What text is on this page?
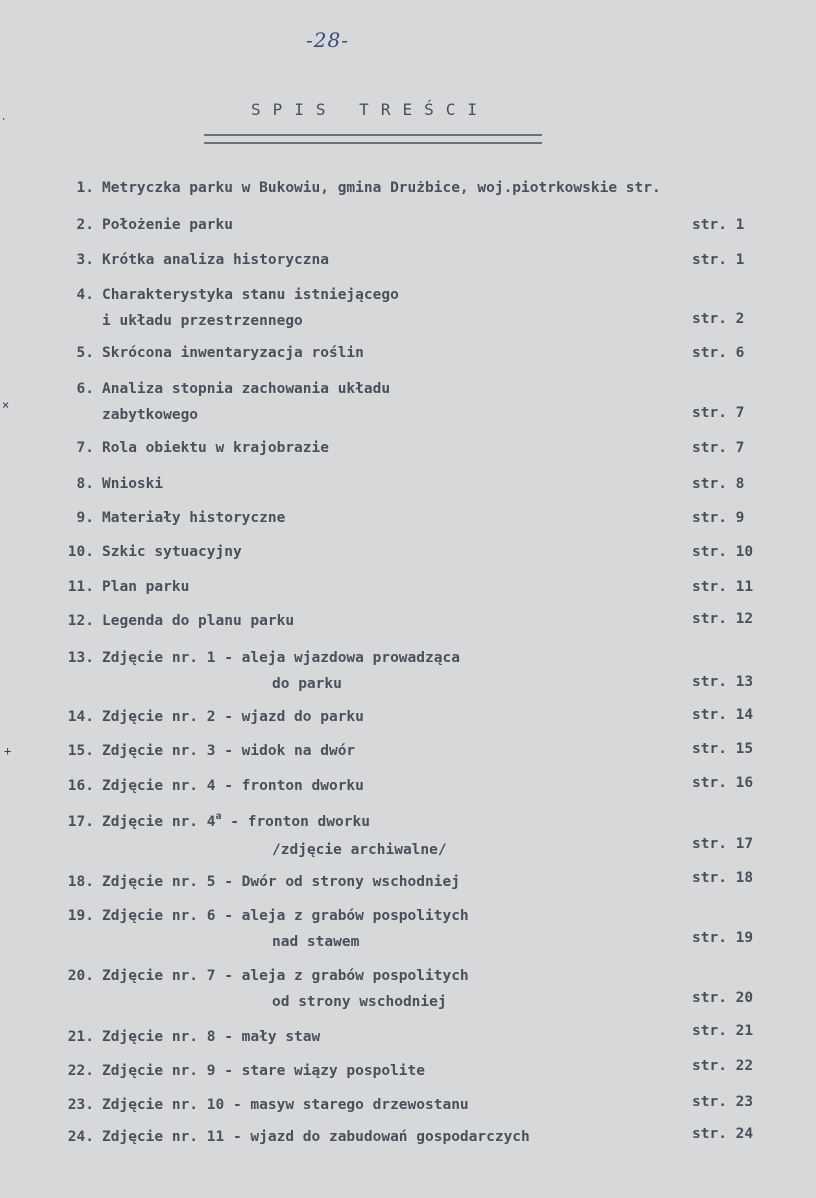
-28-
SPIS TREŚCI
1. Metryczka parku w Bukowiu, gmina Drużbice, woj.piotrkowskie str.
2. Położenie parku	str. 1
3. Krótka analiza historyczna	str. 1
4. Charakterystyka stanu istniejącego
i układu przestrzennego	str. 2
5. Skrócona inwentaryzacja roślin	str. 6
6. Analiza stopnia zachowania układu
zabytkowego	str. 7
7. Rola obiektu w krajobrazie	str. 7
8. Wnioski	str. 8
9. Materiały historyczne	str. 9
10. Szkic sytuacyjny	str. 10
11. Plan parku	str. 11
12. Legenda do planu parku	str. 12
13. Zdjęcie nr. 1 - aleja wjazdowa prowadząca
do parku	str. 13
14. Zdjęcie nr. 2 - wjazd do parku	str. 14
15. Zdjęcie nr. 3 - widok na dwór	str. 15
16. Zdjęcie nr. 4 - fronton dworku	str. 16
17. Zdjęcie nr. 4$^a$ - fronton dworku
/zdjęcie archiwalne/	str. 17
18. Zdjęcie nr. 5 - Dwór od strony wschodniej	str. 18
19. Zdjęcie nr. 6 - aleja z grabów pospolitych
nad stawem	str. 19
20. Zdjęcie nr. 7 - aleja z grabów pospolitych
od strony wschodniej	str. 20
21. Zdjęcie nr. 8 - mały staw	str. 21
22. Zdjęcie nr. 9 - stare wiązy pospolite	str. 22
23. Zdjęcie nr. 10 - masyw starego drzewostanu	str. 23
24. Zdjęcie nr. 11 - wjazd do zabudowań gospodarczych	str. 24
⸳
×
+
